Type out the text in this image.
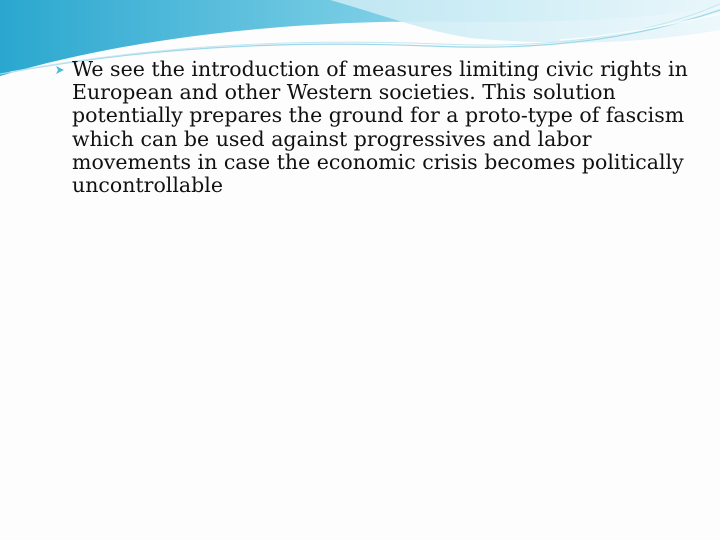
We see the introduction of measures limiting civic rights in European and other Western societies. This solution potentially prepares the ground for a proto-type of fascism which can be used against progressives and labor movements in case the economic crisis becomes politically uncontrollable
